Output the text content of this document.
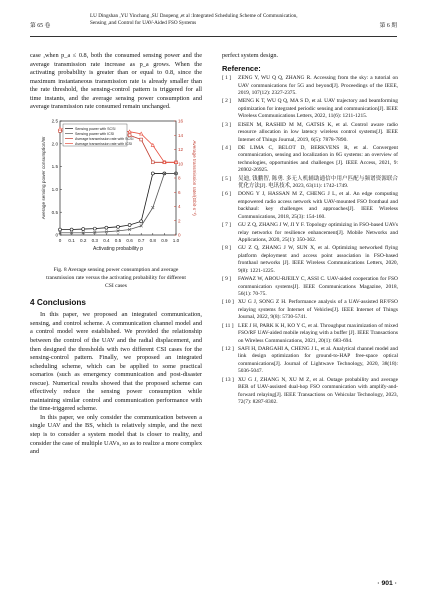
第 65 卷
LU Dingshan ,YU Yinchang ,SU Daopeng ,et al :Integrated Scheduling Scheme of Communication,
Sensing ,and Control for UAV-Aided FSO Systems	第 6 期

case ,when p_a ≤ 0.8, both the consumed sensing power and the average transmission rate increase as p_a grows. When the activating probability is greater than or equal to 0.8, since the maximum instantaneous transmission rate is already smaller than the rate threshold, the sensing-control pattern is triggered for all time instants, and the average sensing power consumption and average transmission rate consumed remain unchanged.

0 0.1 0.2 0.3 0.4 0.5 0.6 0.7 0.8 0.9 1.0
0
0.5
1.0
1.5
2.0
2.5
0
2
4
6
8
10
12
14
16
Activating probability p
Average sensing power consumption/W	Average transmission rate/(Gbit·s⁻¹)
Sensing power with SCSI
Sensing power with ICSI
Average transmission rate with SCSI
Average transmission rate with ICSI

Fig. 8 Average sensing power consumption and average transmission rate versus the activating probability for different CSI cases

4 Conclusions

In this paper, we proposed an integrated communication, sensing, and control scheme. A communication channel model and a control model were established. We provided the relationship between the control of the UAV and the radial displacement, and then designed the thresholds with two different CSI cases for the sensing-control pattern. Finally, we proposed an integrated scheduling scheme, which can be applied to some practical scenarios (such as emergency communication and post-disaster rescue). Numerical results showed that the proposed scheme can effectively reduce the sensing power consumption while maintaining similar control and communication performance with the time-triggered scheme.

In this paper, we only consider the communication between a single UAV and the BS, which is relatively simple, and the next step is to consider a system model that is closer to reality, and consider the case of multiple UAVs, so as to realize a more complex and

perfect system design.

Reference:
[ 1 ]	ZENG Y, WU Q Q, ZHANG R. Accessing from the sky: a tutorial on UAV communications for 5G and beyond[J]. Proceedings of the IEEE, 2019, 107(12): 2327-2375.
[ 2 ]	MENG K T, WU Q Q, MA S D, et al. UAV trajectory and beamforming optimization for integrated periodic sensing and communication[J]. IEEE Wireless Communications Letters, 2022, 11(6): 1211-1215.
[ 3 ]	EISEN M, RASHID M M, GATSIS K, et al. Control aware radio resource allocation in low latency wireless control systems[J]. IEEE Internet of Things Journal, 2019, 6(5): 7878-7890.
[ 4 ]	DE LIMA C, BELOT D, BERKVENS R, et al. Convergent communication, sensing and localization in 6G systems: an overview of technologies, opportunities and challenges [J]. IEEE Access, 2021, 9: 26902-26925.
[ 5 ]	吴迪, 钱鹏智, 陈勇. 多无人机辅助通信中用户匹配与频谱资源联合优化方法[J]. 电讯技术, 2023, 63(11): 1742-1749.
[ 6 ]	DONG Y J, HASSAN M Z, CHENG J L, et al. An edge computing empowered radio access network with UAV-mounted FSO fronthaul and backhaul: key challenges and approaches[J]. IEEE Wireless Communications, 2018, 25(3): 154-160.
[ 7 ]	GU Z Q, ZHANG J W, JI Y F. Topology optimizing in FSO-based UAVs relay networks for resilience enhancement[J]. Mobile Networks and Applications, 2020, 25(1): 350-362.
[ 8 ]	GU Z Q, ZHANG J W, SUN X, et al. Optimizing networked flying platform deployment and access point association in FSO-based fronthaul networks [J]. IEEE Wireless Communications Letters, 2020, 9(8): 1221-1225.
[ 9 ]	FAWAZ W, ABOU-RJEILY C, ASSI C. UAV-aided cooperation for FSO communication systems[J]. IEEE Communications Magazine, 2018, 56(1): 70-75.
[ 10 ] XU G J, SONG Z H. Performance analysis of a UAV-assisted RF/FSO relaying systems for Internet of Vehicles[J]. IEEE Internet of Things Journal, 2022, 9(8): 5730-5741.
[ 11 ] LEE J H, PARK K H, KO Y C, et al. Throughput maximization of mixed FSO/RF UAV-aided mobile relaying with a buffer [J]. IEEE Transactions on Wireless Communications, 2021, 20(1): 683-694.
[ 12 ] SAFI H, DARGAHI A, CHENG J L, et al. Analytical channel model and link design optimization for ground-to-HAP free-space optical communications[J]. Journal of Lightwave Technology, 2020, 38(18): 5036-5047.
[ 13 ] XU G J, ZHANG N, XU M Z, et al. Outage probability and average BER of UAV-assisted dual-hop FSO communication with amplify-and-forward relaying[J]. IEEE Transactions on Vehicular Technology, 2023, 72(7): 8287-8302.
· 901 ·
